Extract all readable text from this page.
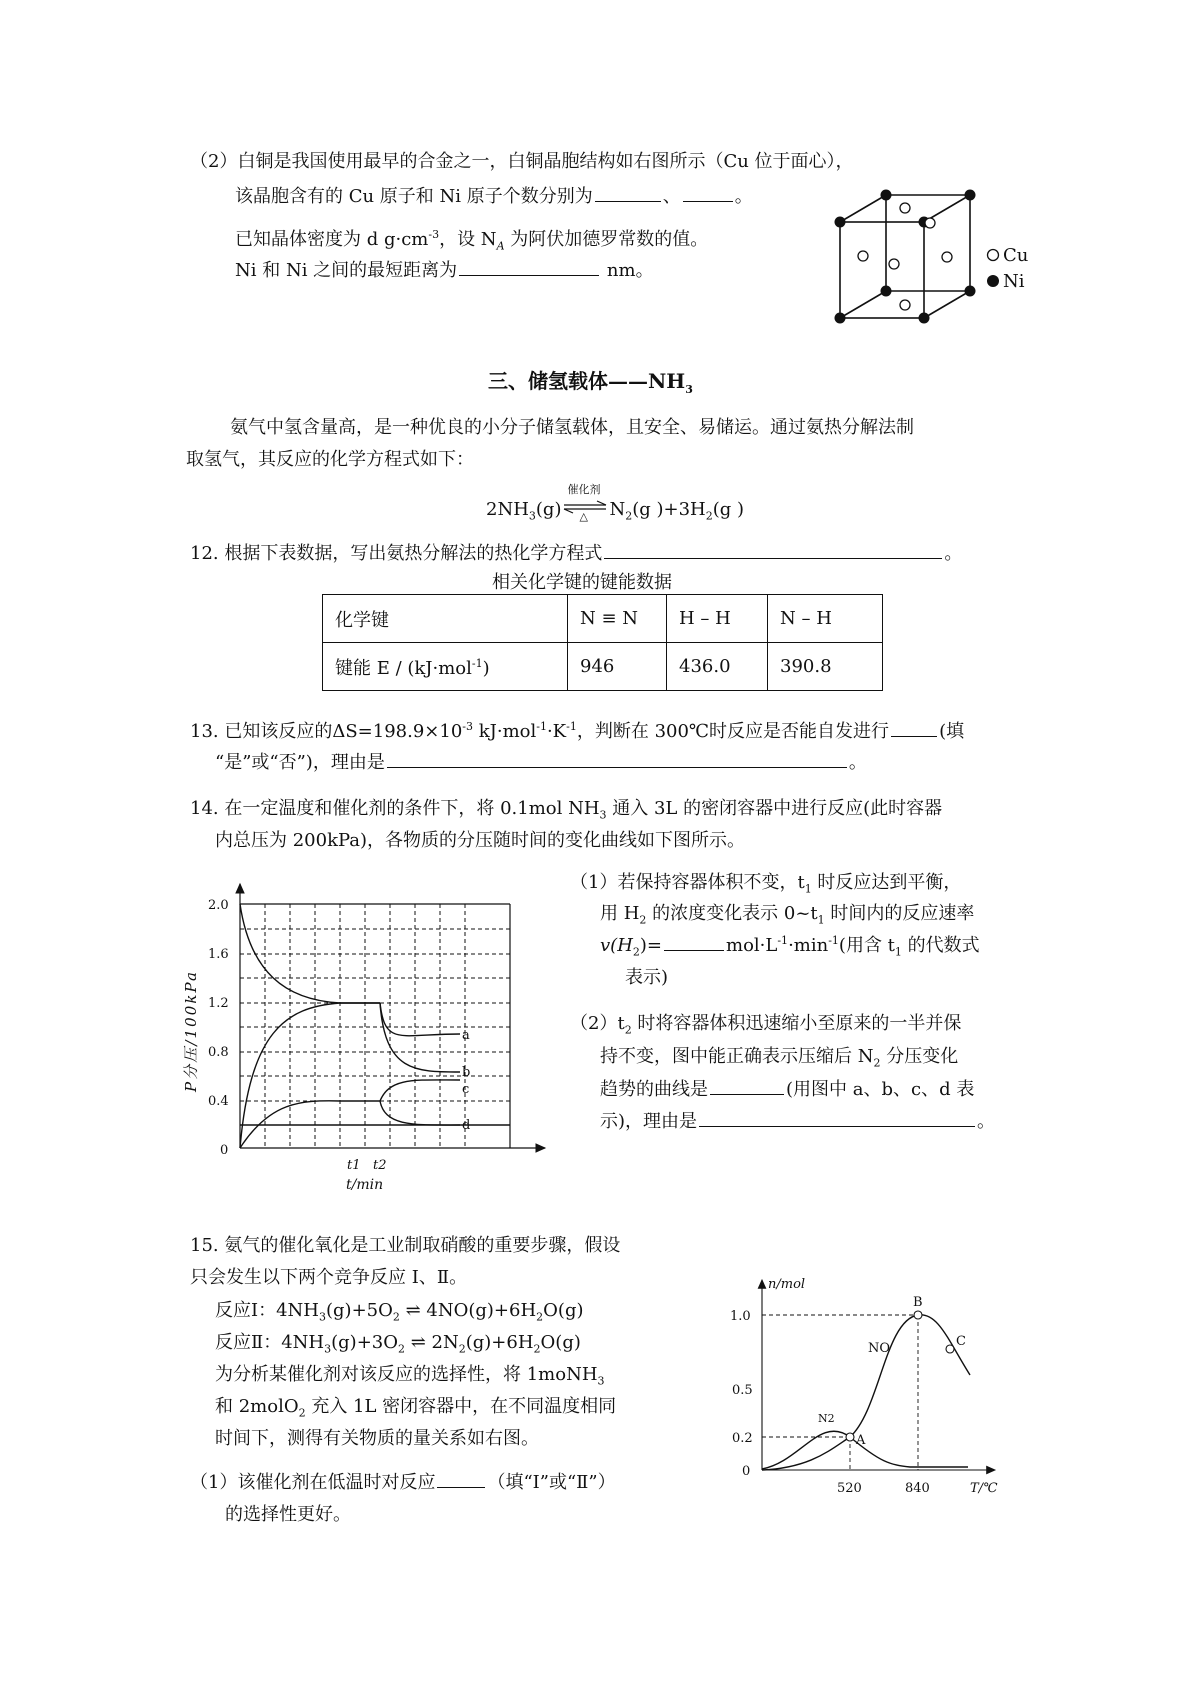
（2）白铜是我国使用最早的合金之一，白铜晶胞结构如右图所示（Cu 位于面心），
该晶胞含有的 Cu 原子和 Ni 原子个数分别为	、	。
已知晶体密度为 d $g\cdot cm^{-3}$，设 $N_A$ 为阿伏加德罗常数的值。
Ni 和 Ni 之间的最短距离为	nm。
Cu
Ni
三、储氢载体$——NH_3$
氨气中氢含量高，是一种优良的小分子储氢载体，且安全、易储运。通过氨热分解法制
取氢气，其反应的化学方程式如下：
$2NH_3(g)$
催化剂
△ $N_2(g$ )$+3H_2(g$ )
12. 根据下表数据，写出氨热分解法的热化学方程式	。
相关化学键的键能数据
化学键	N ≡ N	H – H	N – H
键能 E / (kJ·mol$^{-1}$)	946	436.0	390.8
13. 已知该反应的$\Delta S=198.9\times 10^{-3}$ $kJ\cdot mol^{-1}\cdot K^{-1}$，判断在 300℃时反应是否能自发进行	(填
“是”或“否”)，理由是	。
14. 在一定温度和催化剂的条件下，将 0.1mol $NH_3$ 通入 3L 的密闭容器中进行反应(此时容器
内总压为 200kPa)，各物质的分压随时间的变化曲线如下图所示。
2.0
1.6
1.2
0.8
0.4
0
P分压/100kPa
t1 t2
t/min
a
b
c
d
（1）若保持容器体积不变，$t_1$ 时反应达到平衡，
用 $H_2$ 的浓度变化表示 $0\sim t_1$ 时间内的反应速率
$v(H_2)=$	$mol\cdot L^{-1}\cdot\min^{-1}$(用含 $t_1$ 的代数式
表示)
$(2)t_2$ 时将容器体积迅速缩小至原来的一半并保
持不变，图中能正确表示压缩后 $N_2$ 分压变化
趋势的曲线是	(用图中 a、b、c、d 表
示)，理由是	。
15. 氨气的催化氧化是工业制取硝酸的重要步骤，假设
只会发生以下两个竞争反应 Ⅰ、Ⅱ。
反应Ⅰ：$4NH_3(g)+5O_2$ ⇌ $4NO(g)+6H_2O(g)$
反应Ⅱ：$4NH_3(g)+3O_2$ ⇌ $2N_2(g)+6H_2O(g)$
为分析某催化剂对该反应的选择性，将 1moNH$_3$
和 2molO$_2$ 充入 1L 密闭容器中，在不同温度相同
时间下，测得有关物质的量关系如右图。
（1）该催化剂在低温时对反应	（填“Ⅰ”或“Ⅱ”）
的选择性更好。
n/mol
1.0
0.5
0.2
0
520	840	T/℃
NO
N2
A
B
C
